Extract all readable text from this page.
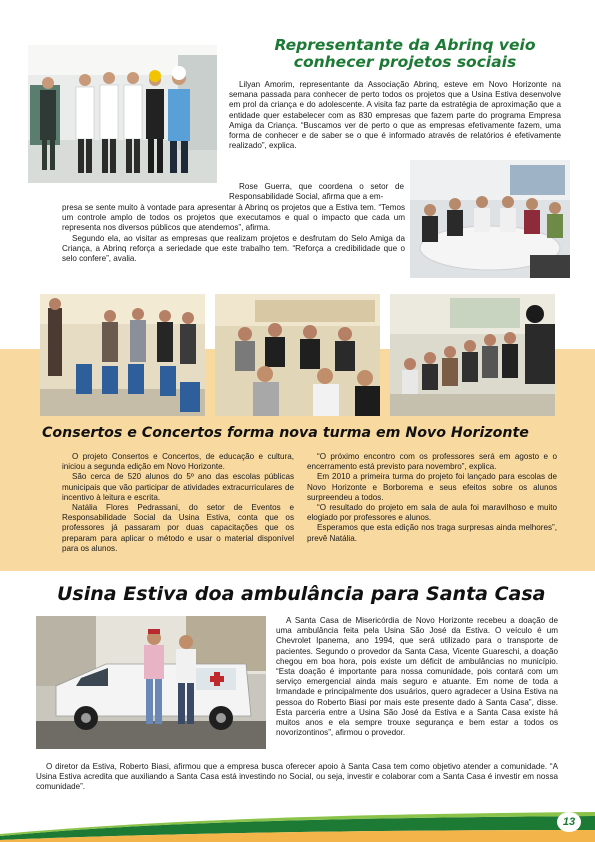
Representante da Abrinq veio conhecer projetos sociais

Lilyan Amorim, representante da Associação Abrinq, esteve em Novo Horizonte na semana passada para conhecer de perto todos os projetos que a Usina Estiva desenvolve em prol da criança e do adolescente. A visita faz parte da estratégia de aproximação que a entidade quer estabelecer com as 830 empresas que fazem parte do programa Empresa Amiga da Criança. “Buscamos ver de perto o que as empresas efetivamente fazem, uma forma de conhecer e de saber se o que é informado através de relatórios é efetivamente realizado”, explica.

Rose Guerra, que coordena o setor de Responsabilidade Social, afirma que a em-

presa se sente muito à vontade para apresentar à Abrinq os projetos que a Estiva tem. “Temos um controle amplo de todos os projetos que executamos e qual o impacto que cada um representa nos diversos públicos que atendemos”, afirma.

Segundo ela, ao visitar as empresas que realizam projetos e desfrutam do Selo Amiga da Criança, a Abrinq reforça a seriedade que este trabalho tem. “Reforça a credibilidade que o selo confere”, avalia.

Consertos e Concertos forma nova turma em Novo Horizonte

O projeto Consertos e Concertos, de educação e cultura, iniciou a segunda edição em Novo Horizonte.

São cerca de 520 alunos do 5º ano das escolas públicas municipais que vão participar de atividades extracurriculares de incentivo à leitura e escrita.

Natália Flores Pedrassani, do setor de Eventos e Responsabilidade Social da Usina Estiva, conta que os professores já passaram por duas capacitações que os preparam para aplicar o método e usar o material disponível para os alunos.

“O próximo encontro com os professores será em agosto e o encerramento está previsto para novembro”, explica.

Em 2010 a primeira turma do projeto foi lançado para escolas de Novo Horizonte e Borborema e seus efeitos sobre os alunos surpreendeu a todos.

“O resultado do projeto em sala de aula foi maravilhoso e muito elogiado por professores e alunos.

Esperamos que esta edição nos traga surpresas ainda melhores”, prevê Natália.

Usina Estiva doa ambulância para Santa Casa

A Santa Casa de Misericórdia de Novo Horizonte recebeu a doação de uma ambulância feita pela Usina São José da Estiva. O veículo é um Chevrolet Ipanema, ano 1994, que será utilizado para o transporte de pacientes. Segundo o provedor da Santa Casa, Vicente Guareschi, a doação chegou em boa hora, pois existe um déficit de ambulâncias no município. “Esta doação é importante para nossa comunidade, pois contará com um serviço emergencial ainda mais seguro e atuante. Em nome de toda a Irmandade e principalmente dos usuários, quero agradecer a Usina Estiva na pessoa do Roberto Biasi por mais este presente dado à Santa Casa”, disse. Esta parceria entre a Usina São José da Estiva e a Santa Casa existe há muitos anos e ela sempre trouxe segurança e bem estar a todos os novorizontinos”, afirmou o provedor.

O diretor da Estiva, Roberto Biasi, afirmou que a empresa busca oferecer apoio à Santa Casa tem como objetivo atender a comunidade. “A Usina Estiva acredita que auxiliando a Santa Casa está investindo no Social, ou seja, investir e colaborar com a Santa Casa é investir em nossa comunidade”.

13
